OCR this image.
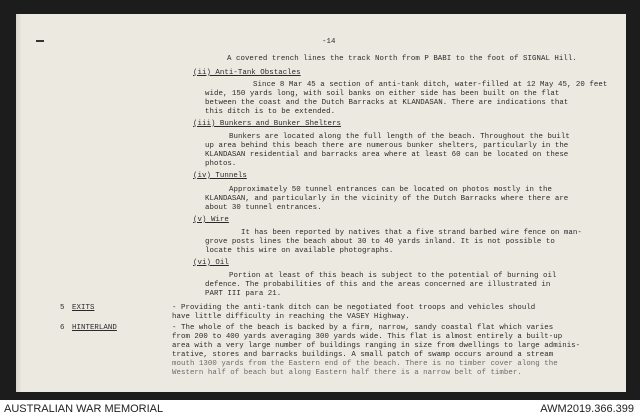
-14
A covered trench lines the track North from P BABI to the foot of SIGNAL Hill.
(ii) Anti-Tank Obstacles
Since 8 Mar 45 a section of anti-tank ditch, water-filled at 12 May 45, 20 feet
wide, 150 yards long, with soil banks on either side has been built on the flat
between the coast and the Dutch Barracks at KLANDASAN. There are indications that
this ditch is to be extended.
(iii) Bunkers and Bunker Shelters
Bunkers are located along the full length of the beach. Throughout the built
up area behind this beach there are numerous bunker shelters, particularly in the
KLANDASAN residential and barracks area where at least 60 can be located on these
photos.
(iv) Tunnels
Approximately 50 tunnel entrances can be located on photos mostly in the
KLANDASAN, and particularly in the vicinity of the Dutch Barracks where there are
about 30 tunnel entrances.
(v) Wire
It has been reported by natives that a five strand barbed wire fence on man-
grove posts lines the beach about 30 to 40 yards inland. It is not possible to
locate this wire on available photographs.
(vi) Oil
Portion at least of this beach is subject to the potential of burning oil
defence. The probabilities of this and the areas concerned are illustrated in
PART III para 21.
5 EXITS	- Providing the anti-tank ditch can be negotiated foot troops and vehicles should
have little difficulty in reaching the VASEY Highway.
6 HINTERLAND	- The whole of the beach is backed by a firm, narrow, sandy coastal flat which varies
from 200 to 400 yards averaging 300 yards wide. This flat is almost entirely a built-up
area with a very large number of buildings ranging in size from dwellings to large adminis-
trative, stores and barracks buildings. A small patch of swamp occurs around a stream
mouth 1300 yards from the Eastern end of the beach. There is no timber cover along the
Western half of beach but along Eastern half there is a narrow belt of timber.
AUSTRALIAN WAR MEMORIAL	AWM2019.366.399
